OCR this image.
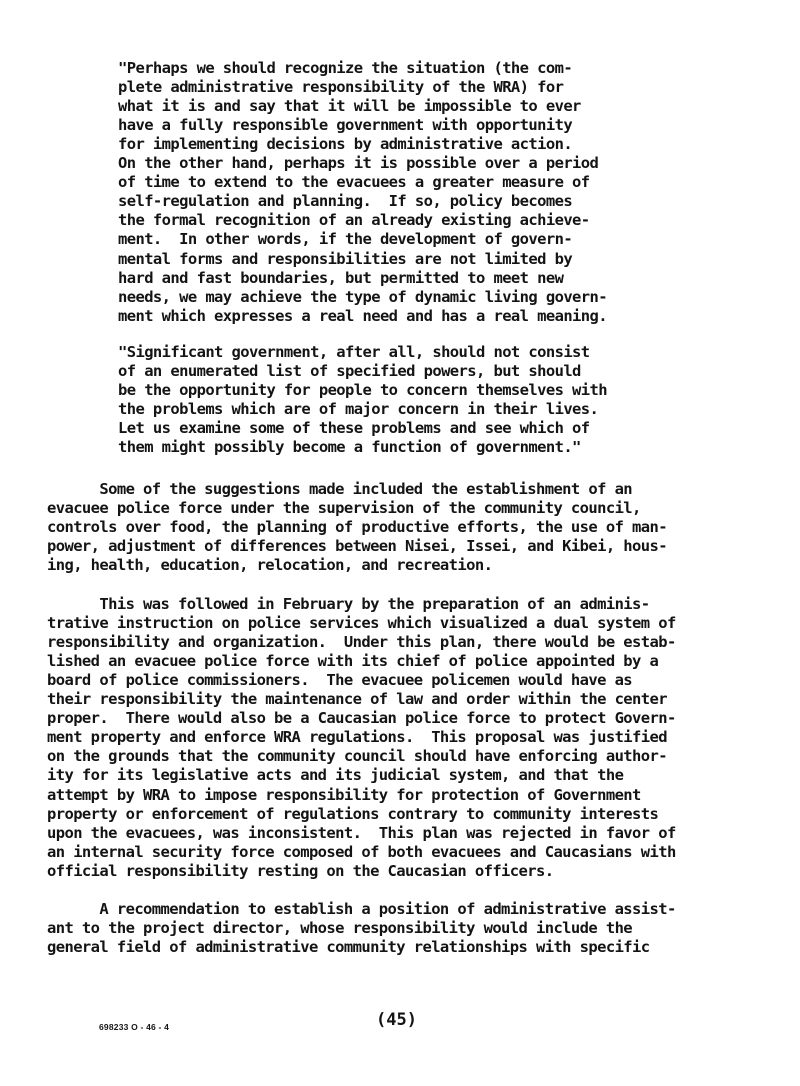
"Perhaps we should recognize the situation (the com-
plete administrative responsibility of the WRA) for
what it is and say that it will be impossible to ever
have a fully responsible government with opportunity
for implementing decisions by administrative action.
On the other hand, perhaps it is possible over a period
of time to extend to the evacuees a greater measure of
self-regulation and planning.  If so, policy becomes
the formal recognition of an already existing achieve-
ment.  In other words, if the development of govern-
mental forms and responsibilities are not limited by
hard and fast boundaries, but permitted to meet new
needs, we may achieve the type of dynamic living govern-
ment which expresses a real need and has a real meaning.
"Significant government, after all, should not consist
of an enumerated list of specified powers, but should
be the opportunity for people to concern themselves with
the problems which are of major concern in their lives.
Let us examine some of these problems and see which of
them might possibly become a function of government."
Some of the suggestions made included the establishment of an
evacuee police force under the supervision of the community council,
controls over food, the planning of productive efforts, the use of man-
power, adjustment of differences between Nisei, Issei, and Kibei, hous-
ing, health, education, relocation, and recreation.
This was followed in February by the preparation of an adminis-
trative instruction on police services which visualized a dual system of
responsibility and organization.  Under this plan, there would be estab-
lished an evacuee police force with its chief of police appointed by a
board of police commissioners.  The evacuee policemen would have as
their responsibility the maintenance of law and order within the center
proper.  There would also be a Caucasian police force to protect Govern-
ment property and enforce WRA regulations.  This proposal was justified
on the grounds that the community council should have enforcing author-
ity for its legislative acts and its judicial system, and that the
attempt by WRA to impose responsibility for protection of Government
property or enforcement of regulations contrary to community interests
upon the evacuees, was inconsistent.  This plan was rejected in favor of
an internal security force composed of both evacuees and Caucasians with
official responsibility resting on the Caucasian officers.
A recommendation to establish a position of administrative assist-
ant to the project director, whose responsibility would include the
general field of administrative community relationships with specific
698233 O - 46 - 4	(45)
